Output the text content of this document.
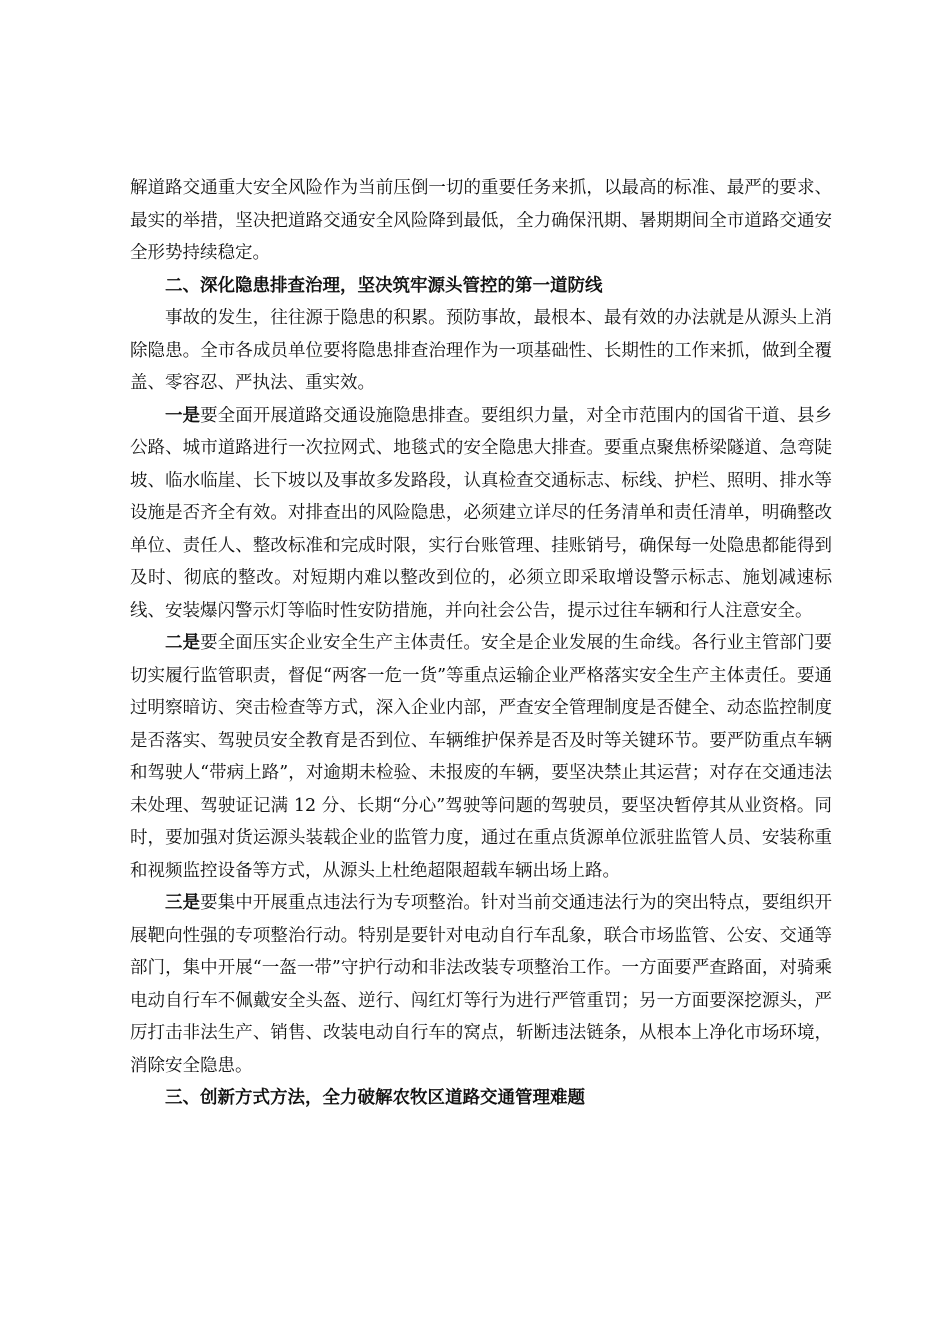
解道路交通重大安全风险作为当前压倒一切的重要任务来抓，以最高的标准、最严的要求、最实的举措，坚决把道路交通安全风险降到最低，全力确保汛期、暑期期间全市道路交通安全形势持续稳定。

二、深化隐患排查治理，坚决筑牢源头管控的第一道防线

事故的发生，往往源于隐患的积累。预防事故，最根本、最有效的办法就是从源头上消除隐患。全市各成员单位要将隐患排查治理作为一项基础性、长期性的工作来抓，做到全覆盖、零容忍、严执法、重实效。

一是要全面开展道路交通设施隐患排查。要组织力量，对全市范围内的国省干道、县乡公路、城市道路进行一次拉网式、地毯式的安全隐患大排查。要重点聚焦桥梁隧道、急弯陡坡、临水临崖、长下坡以及事故多发路段，认真检查交通标志、标线、护栏、照明、排水等设施是否齐全有效。对排查出的风险隐患，必须建立详尽的任务清单和责任清单，明确整改单位、责任人、整改标准和完成时限，实行台账管理、挂账销号，确保每一处隐患都能得到及时、彻底的整改。对短期内难以整改到位的，必须立即采取增设警示标志、施划减速标线、安装爆闪警示灯等临时性安防措施，并向社会公告，提示过往车辆和行人注意安全。

二是要全面压实企业安全生产主体责任。安全是企业发展的生命线。各行业主管部门要切实履行监管职责，督促“两客一危一货”等重点运输企业严格落实安全生产主体责任。要通过明察暗访、突击检查等方式，深入企业内部，严查安全管理制度是否健全、动态监控制度是否落实、驾驶员安全教育是否到位、车辆维护保养是否及时等关键环节。要严防重点车辆和驾驶人“带病上路”，对逾期未检验、未报废的车辆，要坚决禁止其运营；对存在交通违法未处理、驾驶证记满 12 分、长期“分心”驾驶等问题的驾驶员，要坚决暂停其从业资格。同时，要加强对货运源头装载企业的监管力度，通过在重点货源单位派驻监管人员、安装称重和视频监控设备等方式，从源头上杜绝超限超载车辆出场上路。

三是要集中开展重点违法行为专项整治。针对当前交通违法行为的突出特点，要组织开展靶向性强的专项整治行动。特别是要针对电动自行车乱象，联合市场监管、公安、交通等部门，集中开展“一盔一带”守护行动和非法改装专项整治工作。一方面要严查路面，对骑乘电动自行车不佩戴安全头盔、逆行、闯红灯等行为进行严管重罚；另一方面要深挖源头，严厉打击非法生产、销售、改装电动自行车的窝点，斩断违法链条，从根本上净化市场环境，消除安全隐患。

三、创新方式方法，全力破解农牧区道路交通管理难题
